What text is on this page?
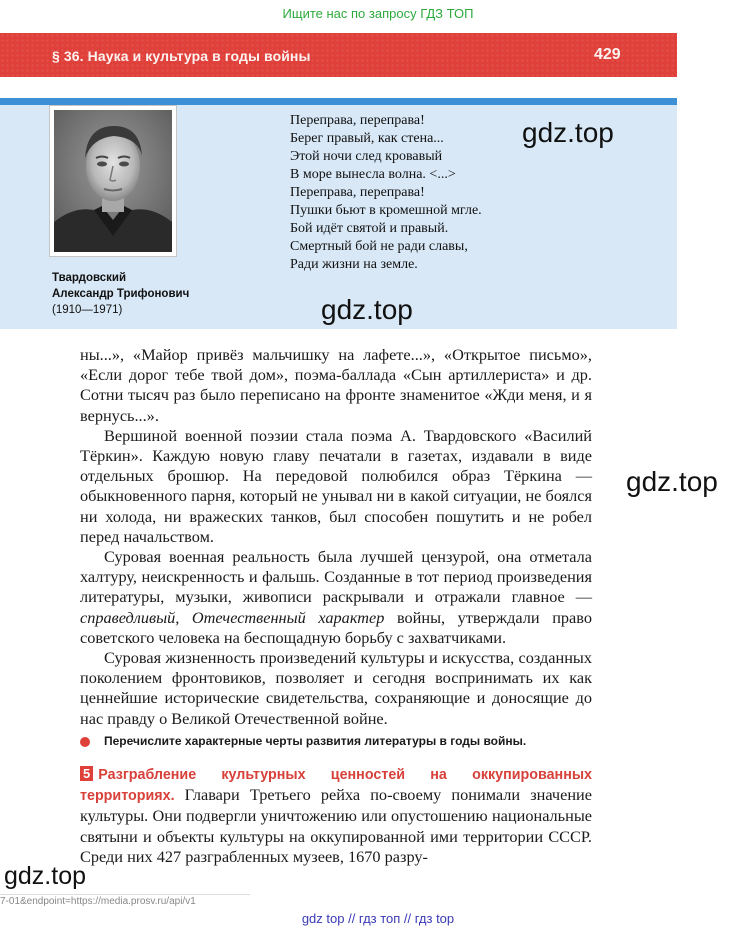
Ищите нас по запросу ГДЗ ТОП
§ 36. Наука и культура в годы войны	429
Твардовский
Александр Трифонович
(1910—1971)
Переправа, переправа!
Берег правый, как стена...
Этой ночи след кровавый
В море вынесла волна. <...>
Переправа, переправа!
Пушки бьют в кромешной мгле.
Бой идёт святой и правый.
Смертный бой не ради славы,
Ради жизни на земле.
gdz.top
gdz.top
gdz.top
gdz.top

ны...», «Майор привёз мальчишку на лафете...», «Открытое письмо», «Если дорог тебе твой дом», поэма-баллада «Сын артиллериста» и др. Сотни тысяч раз было переписано на фронте знаменитое «Жди меня, и я вернусь...».

Вершиной военной поэзии стала поэма А. Твардовского «Василий Тёркин». Каждую новую главу печатали в газетах, издавали в виде отдельных брошюр. На передовой полюбился образ Тёркина — обыкновенного парня, который не унывал ни в какой ситуации, не боялся ни холода, ни вражеских танков, был способен пошутить и не робел перед начальством.

Суровая военная реальность была лучшей цензурой, она отметала халтуру, неискренность и фальшь. Созданные в тот период произведения литературы, музыки, живописи раскрывали и отражали главное — справедливый, Отечественный характер войны, утверждали право советского человека на беспощадную борьбу с захватчиками.

Суровая жизненность произведений культуры и искусства, созданных поколением фронтовиков, позволяет и сегодня воспринимать их как ценнейшие исторические свидетельства, сохраняющие и доносящие до нас правду о Великой Отечественной войне.

Перечислите характерные черты развития литературы в годы войны.

5 Разграбление культурных ценностей на оккупированных территориях. Главари Третьего рейха по-своему понимали значение культуры. Они подвергли уничтожению или опустошению национальные святыни и объекты культуры на оккупированной ими территории СССР. Среди них 427 разграбленных музеев, 1670 разру-

7-01&endpoint=https://media.prosv.ru/api/v1
gdz top // гдз топ // гдз top
